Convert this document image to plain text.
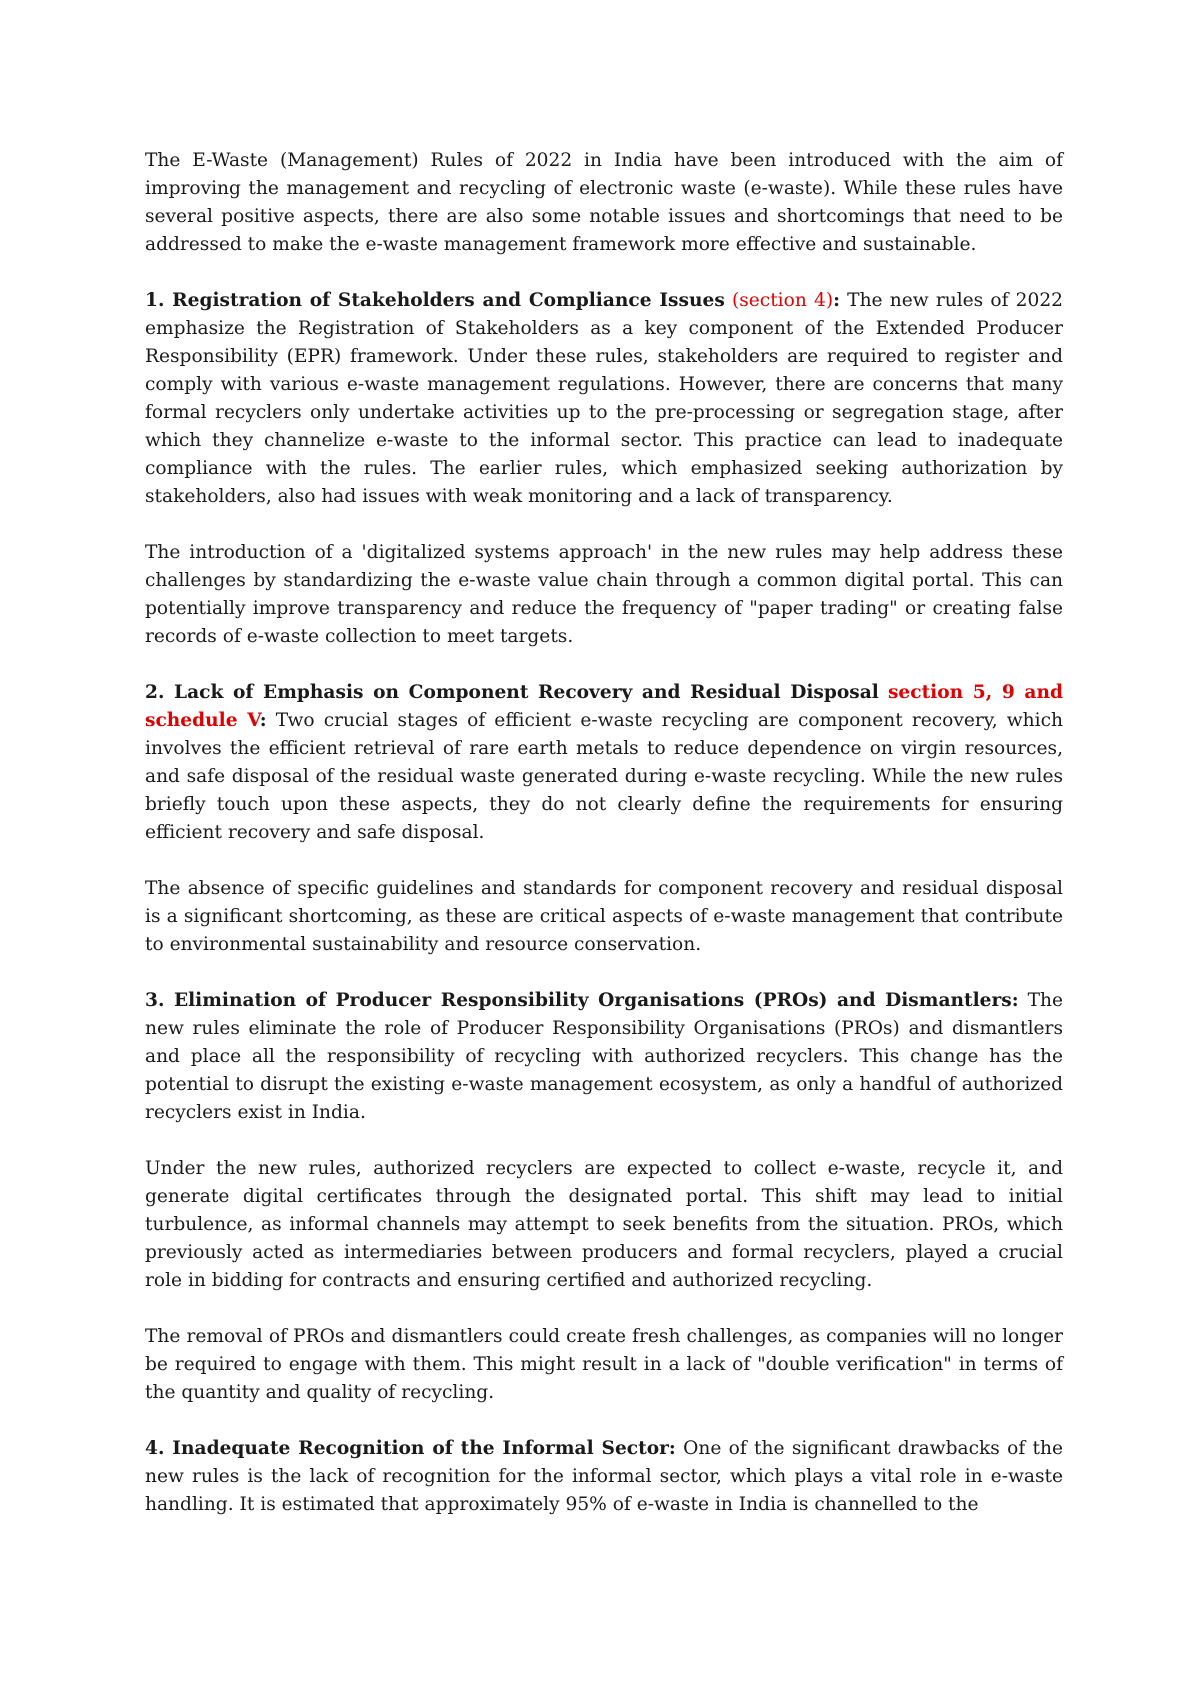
The E-Waste (Management) Rules of 2022 in India have been introduced with the aim of improving the management and recycling of electronic waste (e-waste). While these rules have several positive aspects, there are also some notable issues and shortcomings that need to be addressed to make the e-waste management framework more effective and sustainable.

1. Registration of Stakeholders and Compliance Issues (section 4): The new rules of 2022 emphasize the Registration of Stakeholders as a key component of the Extended Producer Responsibility (EPR) framework. Under these rules, stakeholders are required to register and comply with various e-waste management regulations. However, there are concerns that many formal recyclers only undertake activities up to the pre-processing or segregation stage, after which they channelize e-waste to the informal sector. This practice can lead to inadequate compliance with the rules. The earlier rules, which emphasized seeking authorization by stakeholders, also had issues with weak monitoring and a lack of transparency.

The introduction of a 'digitalized systems approach' in the new rules may help address these challenges by standardizing the e-waste value chain through a common digital portal. This can potentially improve transparency and reduce the frequency of "paper trading" or creating false records of e-waste collection to meet targets.

2. Lack of Emphasis on Component Recovery and Residual Disposal section 5, 9 and schedule V: Two crucial stages of efficient e-waste recycling are component recovery, which involves the efficient retrieval of rare earth metals to reduce dependence on virgin resources, and safe disposal of the residual waste generated during e-waste recycling. While the new rules briefly touch upon these aspects, they do not clearly define the requirements for ensuring efficient recovery and safe disposal.

The absence of specific guidelines and standards for component recovery and residual disposal is a significant shortcoming, as these are critical aspects of e-waste management that contribute to environmental sustainability and resource conservation.

3. Elimination of Producer Responsibility Organisations (PROs) and Dismantlers: The new rules eliminate the role of Producer Responsibility Organisations (PROs) and dismantlers and place all the responsibility of recycling with authorized recyclers. This change has the potential to disrupt the existing e-waste management ecosystem, as only a handful of authorized recyclers exist in India.

Under the new rules, authorized recyclers are expected to collect e-waste, recycle it, and generate digital certificates through the designated portal. This shift may lead to initial turbulence, as informal channels may attempt to seek benefits from the situation. PROs, which previously acted as intermediaries between producers and formal recyclers, played a crucial role in bidding for contracts and ensuring certified and authorized recycling.

The removal of PROs and dismantlers could create fresh challenges, as companies will no longer be required to engage with them. This might result in a lack of "double verification" in terms of the quantity and quality of recycling.

4. Inadequate Recognition of the Informal Sector: One of the significant drawbacks of the new rules is the lack of recognition for the informal sector, which plays a vital role in e-waste handling. It is estimated that approximately 95% of e-waste in India is channelled to the
